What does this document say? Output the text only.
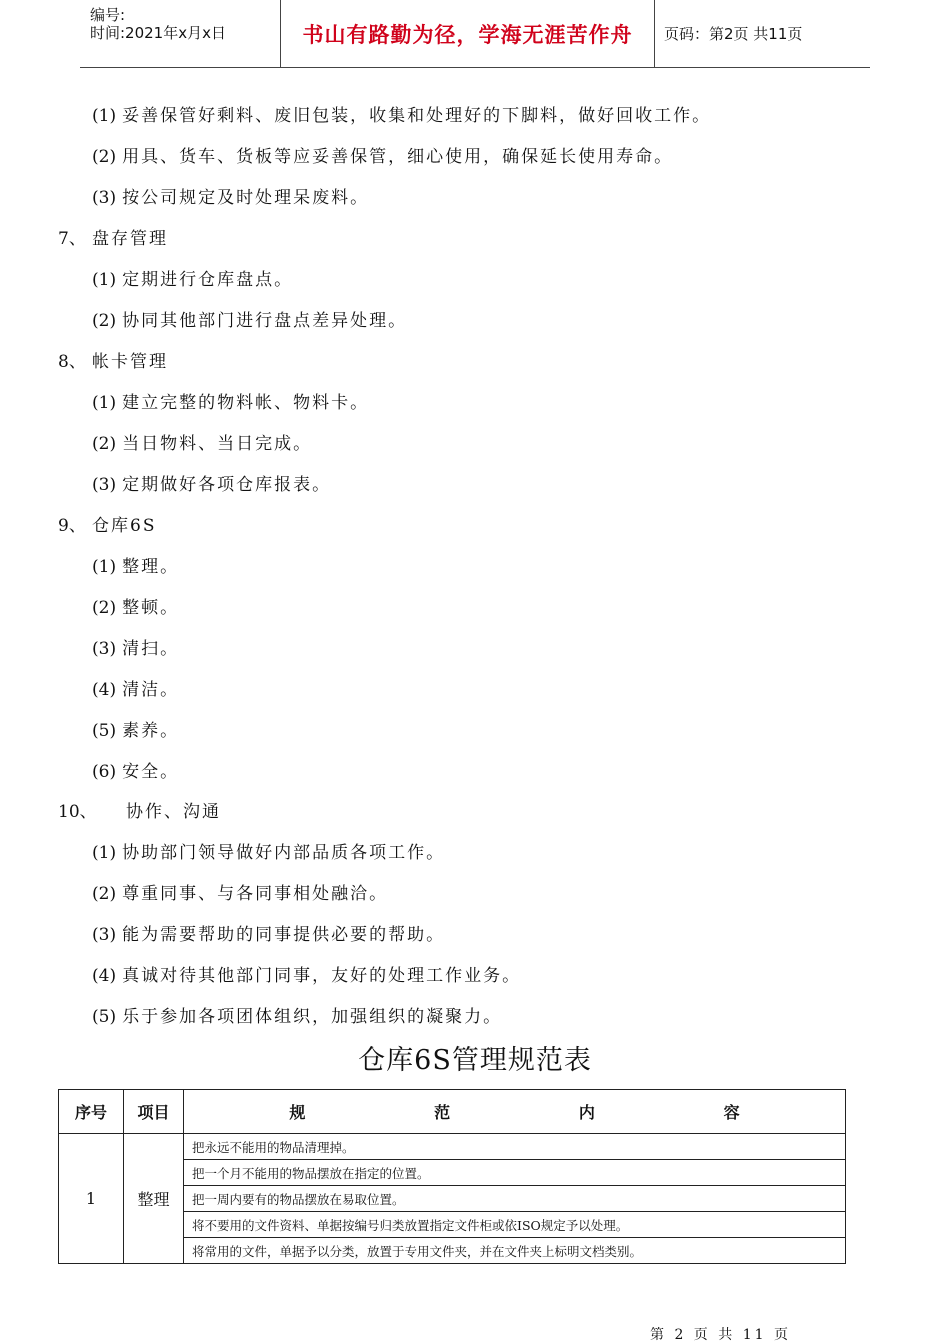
编号:
时间:2021年x月x日	书山有路勤为径，学海无涯苦作舟	页码：第2页 共11页
(1) 妥善保管好剩料、废旧包装，收集和处理好的下脚料，做好回收工作。
(2) 用具、货车、货板等应妥善保管，细心使用，确保延长使用寿命。
(3) 按公司规定及时处理呆废料。
7、 盘存管理
(1) 定期进行仓库盘点。
(2) 协同其他部门进行盘点差异处理。
8、 帐卡管理
(1) 建立完整的物料帐、物料卡。
(2) 当日物料、当日完成。
(3) 定期做好各项仓库报表。
9、 仓库6S
(1) 整理。
(2) 整顿。
(3) 清扫。
(4) 清洁。
(5) 素养。
(6) 安全。
10、 协作、沟通
(1) 协助部门领导做好内部品质各项工作。
(2) 尊重同事、与各同事相处融洽。
(3) 能为需要帮助的同事提供必要的帮助。
(4) 真诚对待其他部门同事，友好的处理工作业务。
(5) 乐于参加各项团体组织，加强组织的凝聚力。
仓库6S管理规范表
序号	项目	规 范 内 容

1	整理	把永远不能用的物品清理掉。
		把一个月不能用的物品摆放在指定的位置。
		把一周内要有的物品摆放在易取位置。
		将不要用的文件资料、单据按编号归类放置指定文件柜或依ISO规定予以处理。
		将常用的文件，单据予以分类，放置于专用文件夹，并在文件夹上标明文档类别。
第 2 页 共 11 页
